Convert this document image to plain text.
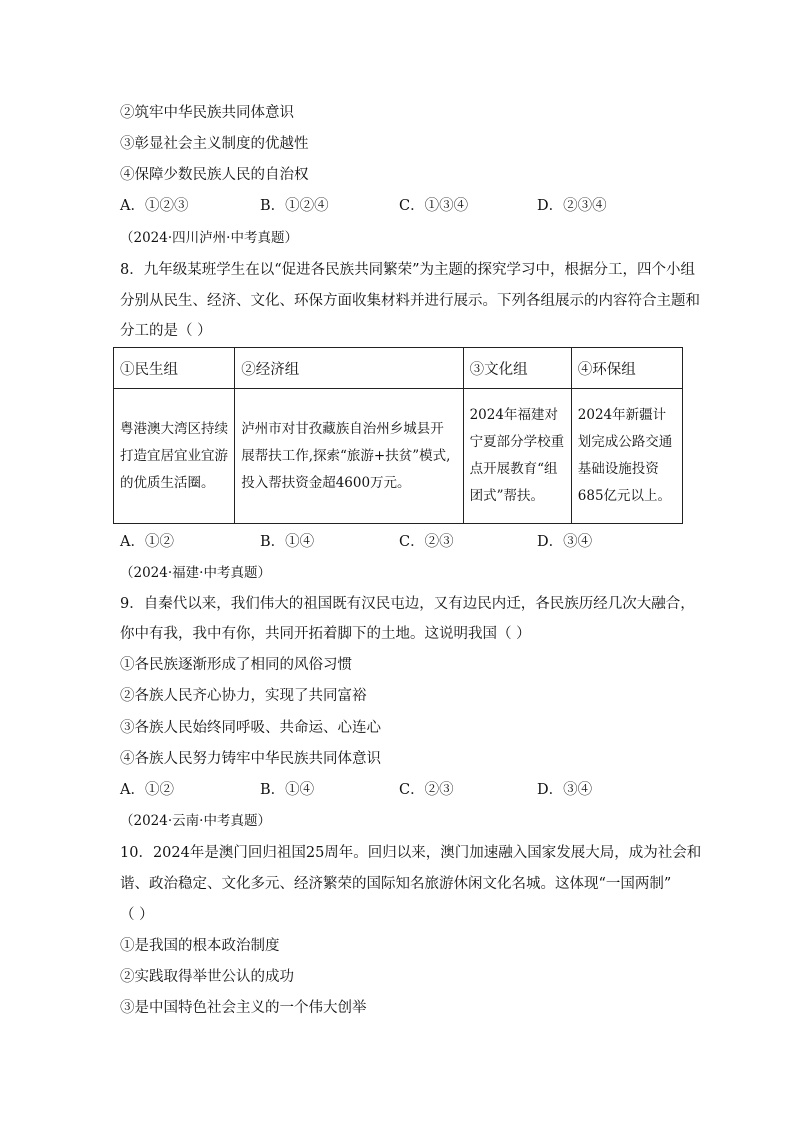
②筑牢中华民族共同体意识
③彰显社会主义制度的优越性
④保障少数民族人民的自治权
A．①②③	B．①②④	C．①③④	D．②③④
（2024·四川泸州·中考真题）
8．九年级某班学生在以“促进各民族共同繁荣”为主题的探究学习中，根据分工，四个小组
分别从民生、经济、文化、环保方面收集材料并进行展示。下列各组展示的内容符合主题和
分工的是（ ）
①民生组	②经济组	③文化组	④环保组
粤港澳大湾区持续打造宜居宜业宜游的优质生活圈。	泸州市对甘孜藏族自治州乡城县开展帮扶工作,探索“旅游+扶贫”模式,投入帮扶资金超4600万元。	2024年福建对宁夏部分学校重点开展教育“组团式”帮扶。	2024年新疆计划完成公路交通基础设施投资685亿元以上。
A．①②	B．①④	C．②③	D．③④
（2024·福建·中考真题）
9．自秦代以来，我们伟大的祖国既有汉民屯边，又有边民内迁，各民族历经几次大融合，
你中有我，我中有你，共同开拓着脚下的土地。这说明我国（ ）
①各民族逐渐形成了相同的风俗习惯
②各族人民齐心协力，实现了共同富裕
③各族人民始终同呼吸、共命运、心连心
④各族人民努力铸牢中华民族共同体意识
A．①②	B．①④	C．②③	D．③④
（2024·云南·中考真题）
10．2024年是澳门回归祖国25周年。回归以来，澳门加速融入国家发展大局，成为社会和
谐、政治稳定、文化多元、经济繁荣的国际知名旅游休闲文化名城。这体现“一国两制”
（ ）
①是我国的根本政治制度
②实践取得举世公认的成功
③是中国特色社会主义的一个伟大创举
